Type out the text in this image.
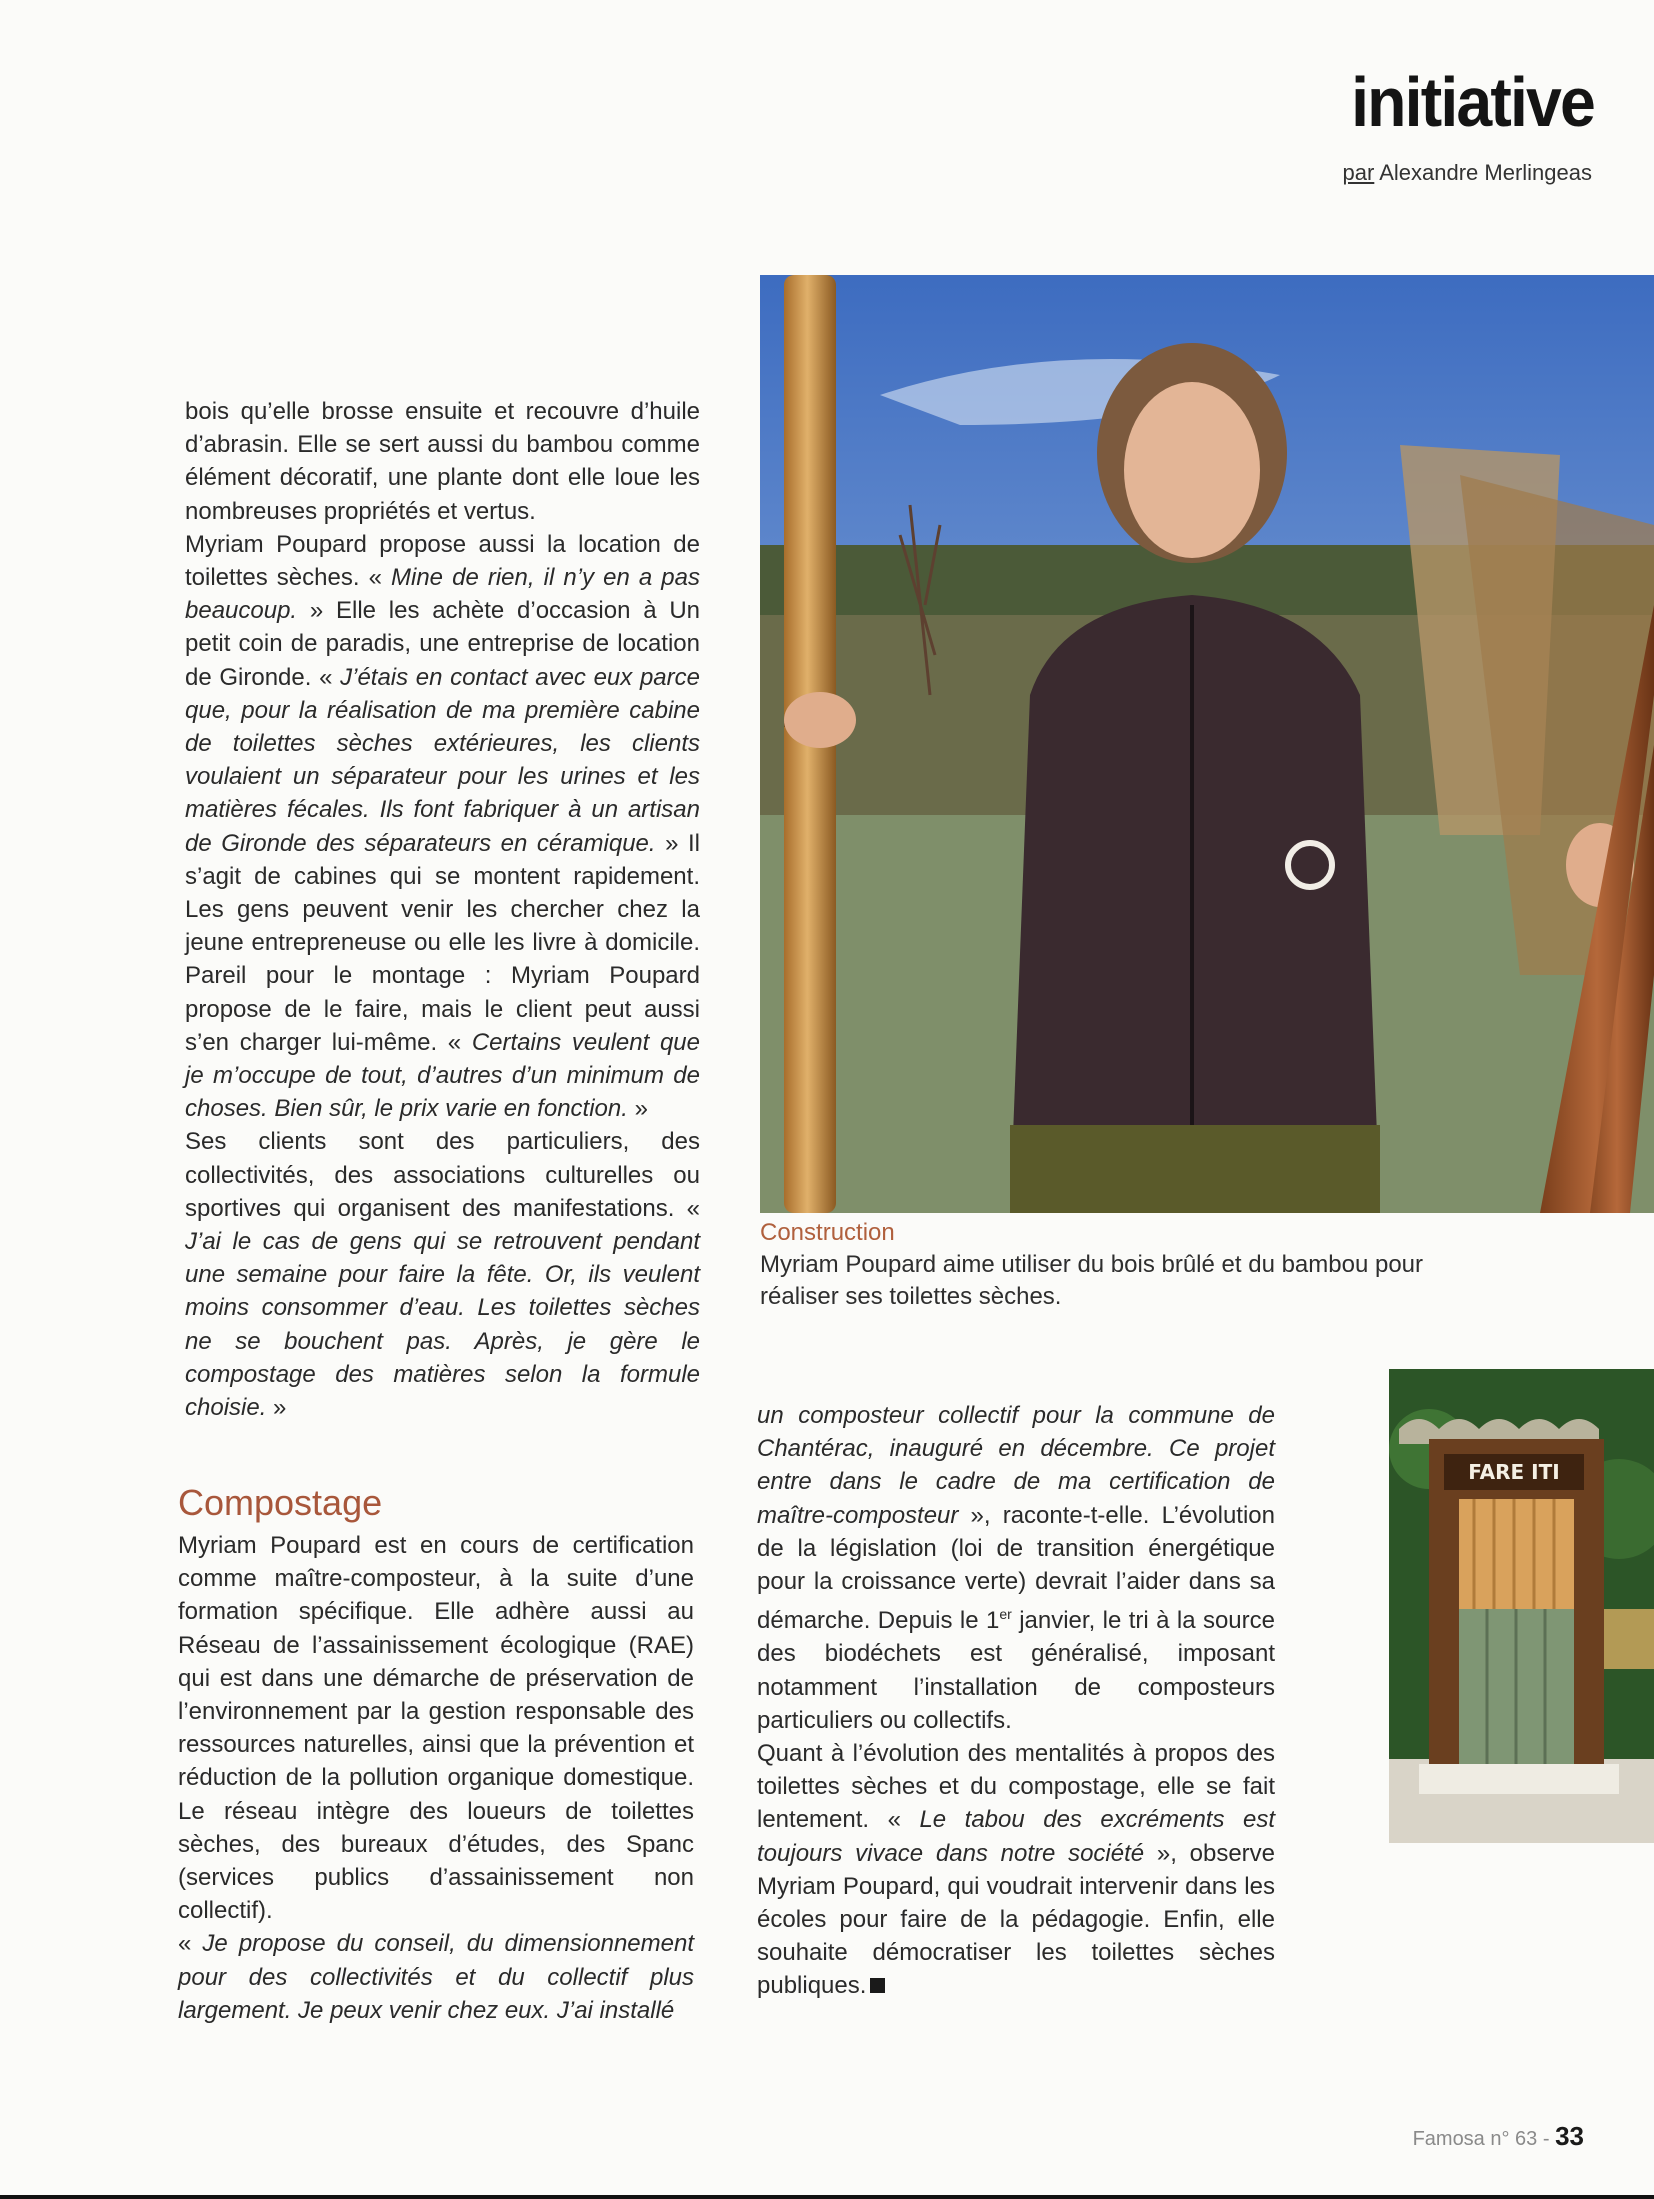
initiative

par Alexandre Merlingeas

Construction
Myriam Poupard aime utiliser du bois brûlé et du bambou pour réaliser ses toilettes sèches.

bois qu’elle brosse ensuite et recouvre d’huile d’abrasin. Elle se sert aussi du bambou comme élément décoratif, une plante dont elle loue les nombreuses propriétés et vertus.

Myriam Poupard propose aussi la location de toilettes sèches. « Mine de rien, il n’y en a pas beaucoup. » Elle les achète d’occasion à Un petit coin de paradis, une entreprise de location de Gironde. « J’étais en contact avec eux parce que, pour la réalisation de ma première cabine de toilettes sèches extérieures, les clients voulaient un séparateur pour les urines et les matières fécales. Ils font fabriquer à un artisan de Gironde des séparateurs en céramique. » Il s’agit de cabines qui se montent rapidement. Les gens peuvent venir les chercher chez la jeune entrepreneuse ou elle les livre à domicile. Pareil pour le montage : Myriam Poupard propose de le faire, mais le client peut aussi s’en charger lui-même. « Certains veulent que je m’occupe de tout, d’autres d’un minimum de choses. Bien sûr, le prix varie en fonction. »

Ses clients sont des particuliers, des collectivités, des associations culturelles ou sportives qui organisent des manifestations. « J’ai le cas de gens qui se retrouvent pendant une semaine pour faire la fête. Or, ils veulent moins consommer d’eau. Les toilettes sèches ne se bouchent pas. Après, je gère le compostage des matières selon la formule choisie. »

Compostage

Myriam Poupard est en cours de certification comme maître-composteur, à la suite d’une formation spécifique. Elle adhère aussi au Réseau de l’assainissement écologique (RAE) qui est dans une démarche de préservation de l’environnement par la gestion responsable des ressources naturelles, ainsi que la prévention et réduction de la pollution organique domestique. Le réseau intègre des loueurs de toilettes sèches, des bureaux d’études, des Spanc (services publics d’assainissement non collectif).

« Je propose du conseil, du dimensionnement pour des collectivités et du collectif plus largement. Je peux venir chez eux. J’ai installé

un composteur collectif pour la commune de Chantérac, inauguré en décembre. Ce projet entre dans le cadre de ma certification de maître-composteur », raconte-t-elle. L’évolution de la législation (loi de transition énergétique pour la croissance verte) devrait l’aider dans sa démarche. Depuis le 1er janvier, le tri à la source des biodéchets est généralisé, imposant notamment l’installation de composteurs particuliers ou collectifs.

Quant à l’évolution des mentalités à propos des toilettes sèches et du compostage, elle se fait lentement. « Le tabou des excréments est toujours vivace dans notre société », observe Myriam Poupard, qui voudrait intervenir dans les écoles pour faire de la pédagogie. Enfin, elle souhaite démocratiser les toilettes sèches publiques.

FARE ITI
Famosa n° 63 - 33
